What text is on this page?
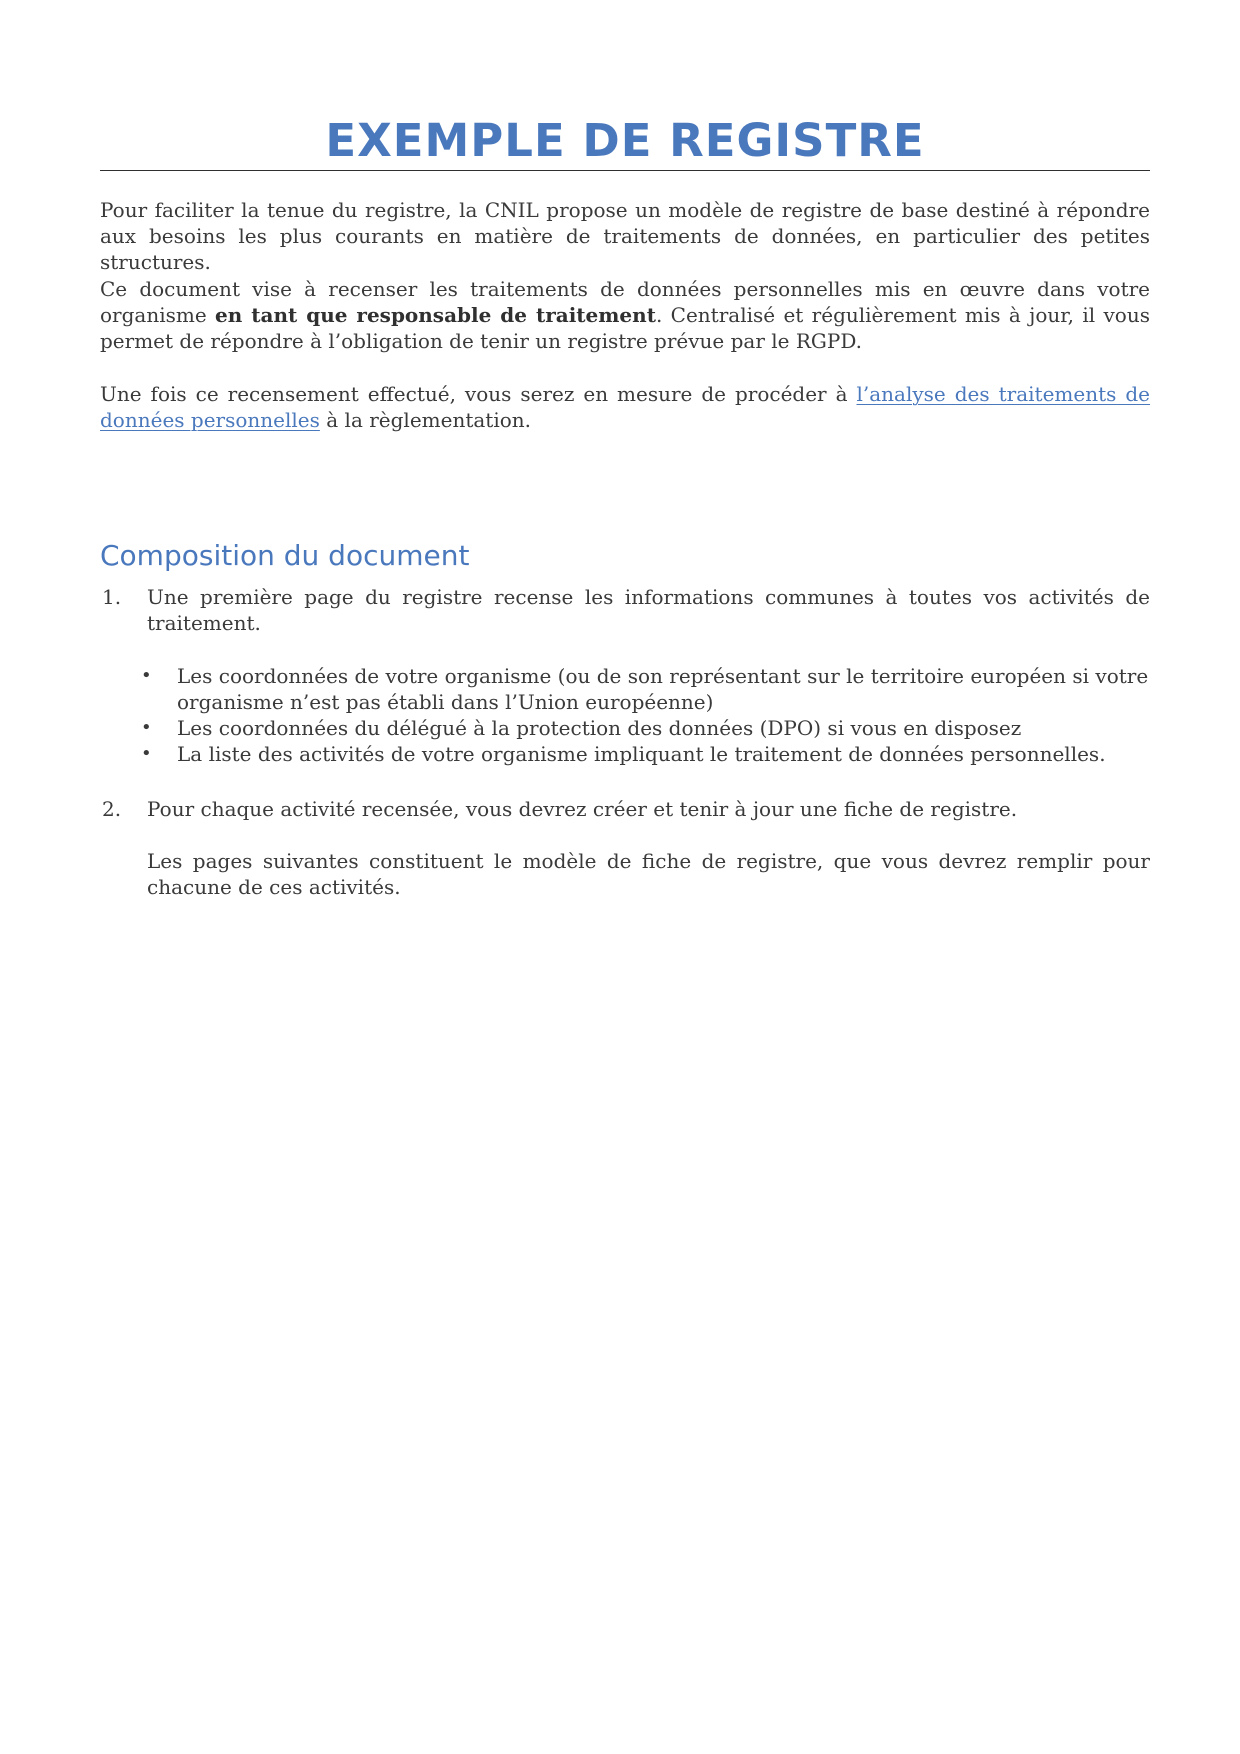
EXEMPLE DE REGISTRE

Pour faciliter la tenue du registre, la CNIL propose un modèle de registre de base destiné à répondre aux besoins les plus courants en matière de traitements de données, en particulier des petites structures.

Ce document vise à recenser les traitements de données personnelles mis en œuvre dans votre organisme en tant que responsable de traitement. Centralisé et régulièrement mis à jour, il vous permet de répondre à l’obligation de tenir un registre prévue par le RGPD.

Une fois ce recensement effectué, vous serez en mesure de procéder à l’analyse des traitements de données personnelles à la règlementation.

Composition du document
1.	Une première page du registre recense les informations communes à toutes vos activités de traitement.
•	Les coordonnées de votre organisme (ou de son représentant sur le territoire européen si votre organisme n’est pas établi dans l’Union européenne)
•	Les coordonnées du délégué à la protection des données (DPO) si vous en disposez
•	La liste des activités de votre organisme impliquant le traitement de données personnelles.
2.	Pour chaque activité recensée, vous devrez créer et tenir à jour une fiche de registre.

Les pages suivantes constituent le modèle de fiche de registre, que vous devrez remplir pour chacune de ces activités.
